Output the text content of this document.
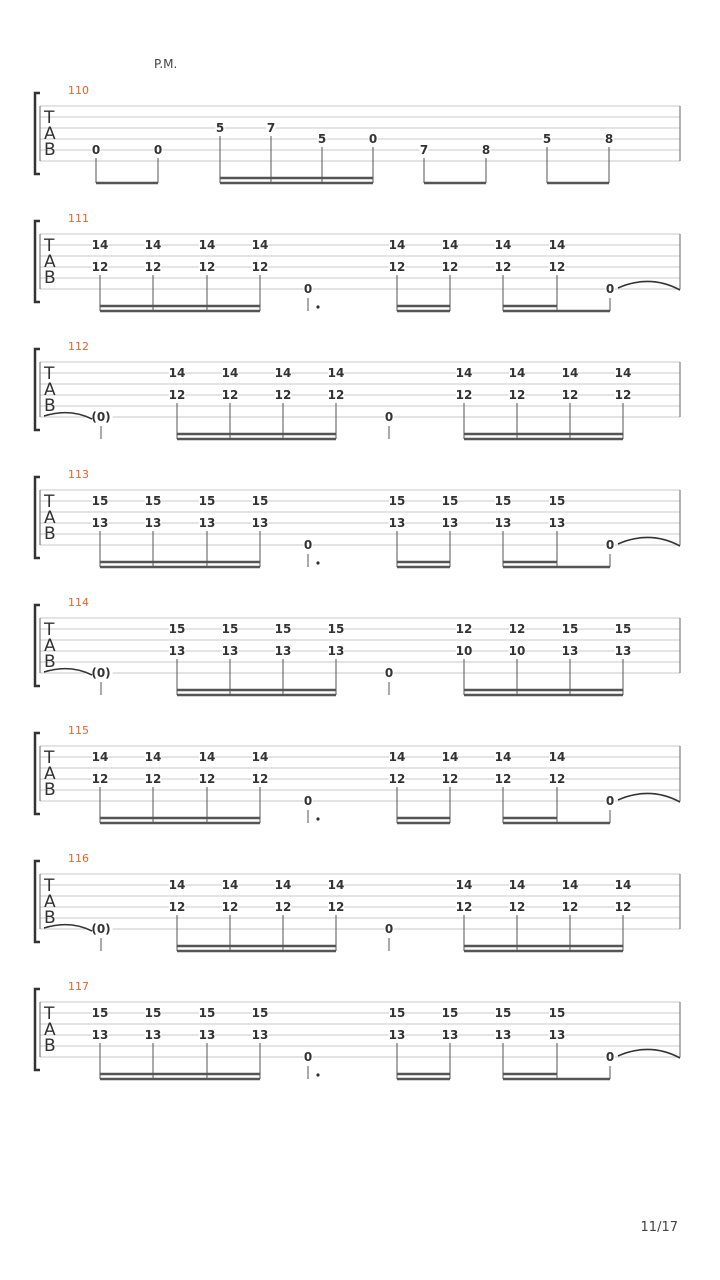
P.M.
110
T
A
B	0	0
5	7
5	0
7	8
5	8
111
T
A
B
14
12
14
12
14
12
14
12
0
14
12
14
12
14
12
14
12
0
112
T
A
B
(0)
14
12
14
12
14
12
14
12
0
14
12
14
12
14
12
14
12
113
T
A
B
15
13
15
13
15
13
15
13
0
15
13
15
13
15
13
15
13
0
114
T
A
B
(0)
15
13
15
13
15
13
15
13
0
12
10
12
10
15
13
15
13
115
T
A
B
14
12
14
12
14
12
14
12
0
14
12
14
12
14
12
14
12
0
116
T
A
B
(0)
14
12
14
12
14
12
14
12
0
14
12
14
12
14
12
14
12
117
T
A
B
15
13
15
13
15
13
15
13
0
15
13
15
13
15
13
15
13
0
11/17
